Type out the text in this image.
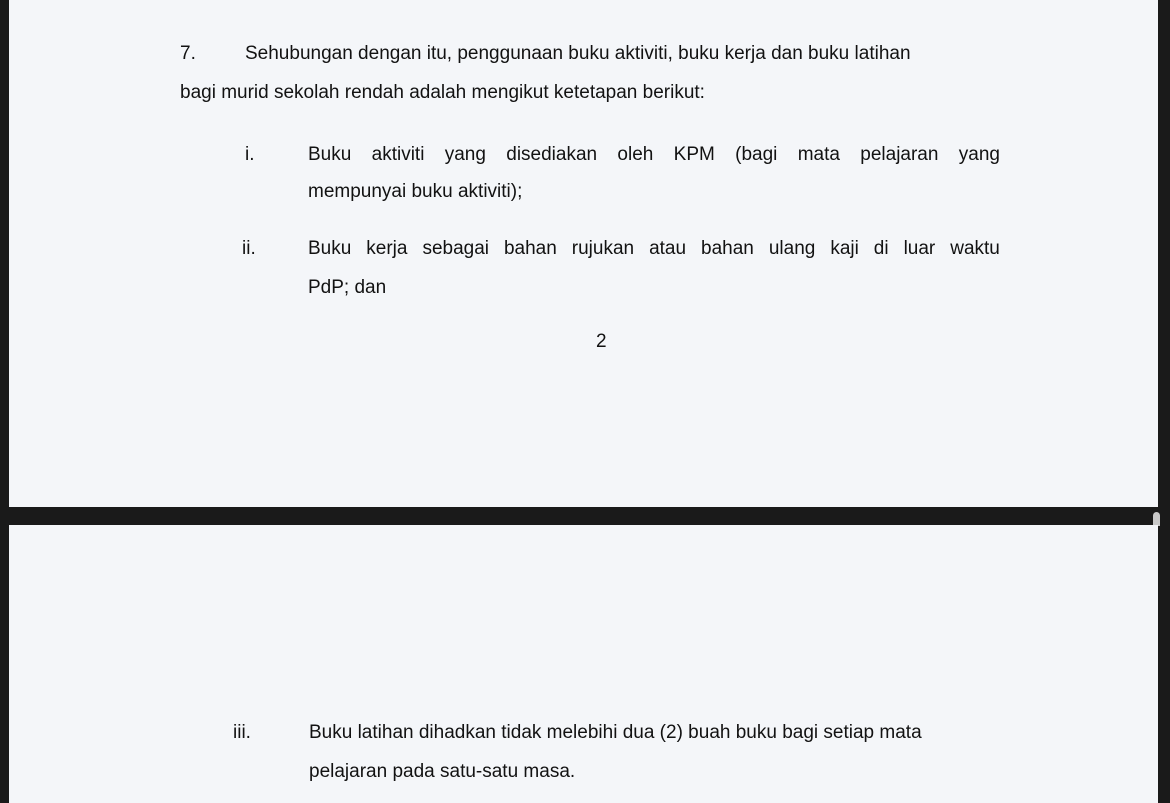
7.	Sehubungan dengan itu, penggunaan buku aktiviti, buku kerja dan buku latihan
bagi murid sekolah rendah adalah mengikut ketetapan berikut:
i.	Buku aktiviti yang disediakan oleh KPM (bagi mata pelajaran yang
mempunyai buku aktiviti);
ii.	Buku kerja sebagai bahan rujukan atau bahan ulang kaji di luar waktu
PdP; dan
2
iii.	Buku latihan dihadkan tidak melebihi dua (2) buah buku bagi setiap mata
pelajaran pada satu-satu masa.
